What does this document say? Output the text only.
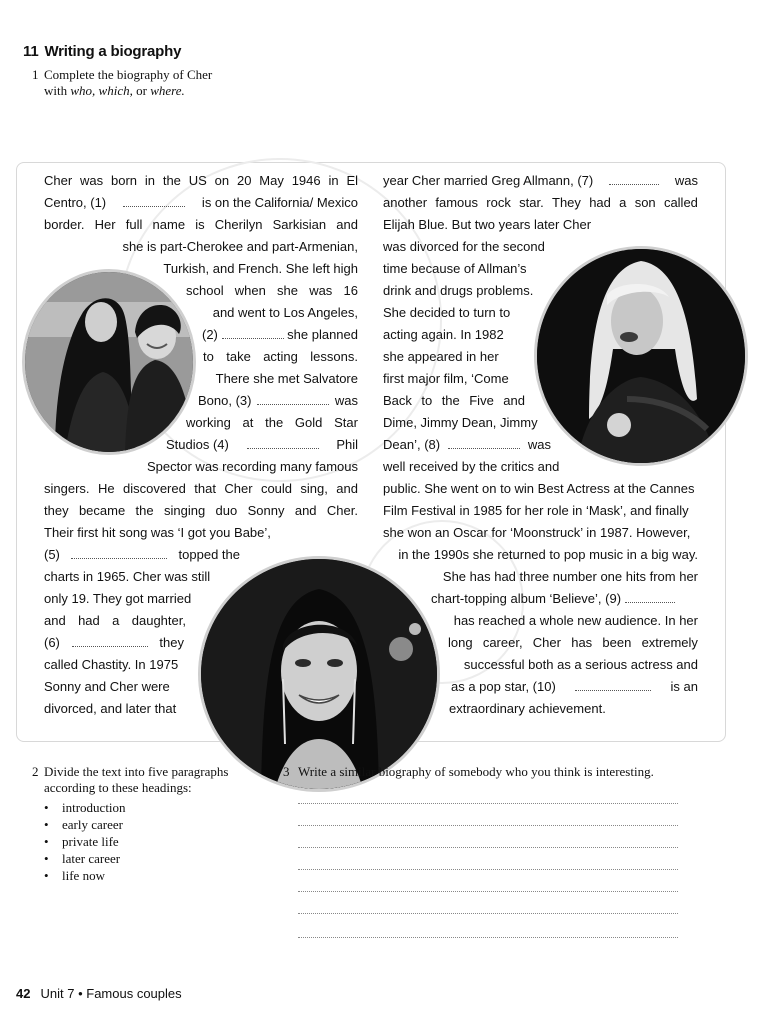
11 Writing a biography
1 Complete the biography of Cher
with who, which, or where.
Cher was born in the US on 20 May 1946 in El
Centro, (1)	is on the California/ Mexico
border. Her full name is Cherilyn Sarkisian and
she is part-Cherokee and part-Armenian,
Turkish, and French. She left high
school when she was 16
and went to Los Angeles,
(2)	she planned
to take acting lessons.
There she met Salvatore
Bono, (3)	was
working at the Gold Star
Studios (4)	Phil
Spector was recording many famous
singers. He discovered that Cher could sing, and
they became the singing duo Sonny and Cher.
Their first hit song was ‘I got you Babe’,
(5)	topped the
charts in 1965. Cher was still
only 19. They got married
and had a daughter,
(6)	they
called Chastity. In 1975
Sonny and Cher were
divorced, and later that
year Cher married Greg Allmann, (7)	was
another famous rock star. They had a son called
Elijah Blue. But two years later Cher
was divorced for the second
time because of Allman’s
drink and drugs problems.
She decided to turn to
acting again. In 1982
she appeared in her
first major film, ‘Come
Back to the Five and
Dime, Jimmy Dean, Jimmy
Dean’, (8)	was
well received by the critics and
public. She went on to win Best Actress at the Cannes
Film Festival in 1985 for her role in ‘Mask’, and finally
she won an Oscar for ‘Moonstruck’ in 1987. However,
in the 1990s she returned to pop music in a big way.
She has had three number one hits from her
chart-topping album ‘Believe’, (9)
has reached a whole new audience. In her
long career, Cher has been extremely
successful both as a serious actress and
as a pop star, (10)	is an
extraordinary achievement.
2 Divide the text into five paragraphs
according to these headings:
• introduction
• early career
• private life
• later career
• life now
3 Write a similar biography of somebody who you think is interesting.
42 Unit 7 • Famous couples
